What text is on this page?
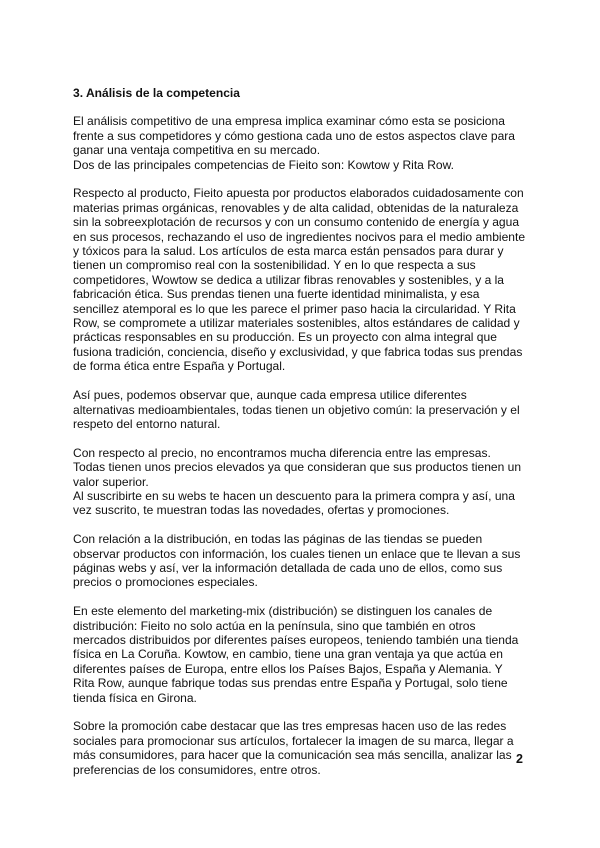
3. Análisis de la competencia

El análisis competitivo de una empresa implica examinar cómo esta se posiciona
frente a sus competidores y cómo gestiona cada uno de estos aspectos clave para
ganar una ventaja competitiva en su mercado.

Dos de las principales competencias de Fieito son: Kowtow y Rita Row.

Respecto al producto, Fieito apuesta por productos elaborados cuidadosamente con
materias primas orgánicas, renovables y de alta calidad, obtenidas de la naturaleza
sin la sobreexplotación de recursos y con un consumo contenido de energía y agua
en sus procesos, rechazando el uso de ingredientes nocivos para el medio ambiente
y tóxicos para la salud. Los artículos de esta marca están pensados para durar y
tienen un compromiso real con la sostenibilidad. Y en lo que respecta a sus
competidores, Wowtow se dedica a utilizar fibras renovables y sostenibles, y a la
fabricación ética. Sus prendas tienen una fuerte identidad minimalista, y esa
sencillez atemporal es lo que les parece el primer paso hacia la circularidad. Y Rita
Row, se compromete a utilizar materiales sostenibles, altos estándares de calidad y
prácticas responsables en su producción. Es un proyecto con alma integral que
fusiona tradición, conciencia, diseño y exclusividad, y que fabrica todas sus prendas
de forma ética entre España y Portugal.

Así pues, podemos observar que, aunque cada empresa utilice diferentes
alternativas medioambientales, todas tienen un objetivo común: la preservación y el
respeto del entorno natural.

Con respecto al precio, no encontramos mucha diferencia entre las empresas.
Todas tienen unos precios elevados ya que consideran que sus productos tienen un
valor superior.

Al suscribirte en su webs te hacen un descuento para la primera compra y así, una
vez suscrito, te muestran todas las novedades, ofertas y promociones.

Con relación a la distribución, en todas las páginas de las tiendas se pueden
observar productos con información, los cuales tienen un enlace que te llevan a sus
páginas webs y así, ver la información detallada de cada uno de ellos, como sus
precios o promociones especiales.

En este elemento del marketing-mix (distribución) se distinguen los canales de
distribución: Fieito no solo actúa en la península, sino que también en otros
mercados distribuidos por diferentes países europeos, teniendo también una tienda
física en La Coruña. Kowtow, en cambio, tiene una gran ventaja ya que actúa en
diferentes países de Europa, entre ellos los Países Bajos, España y Alemania. Y
Rita Row, aunque fabrique todas sus prendas entre España y Portugal, solo tiene
tienda física en Girona.

Sobre la promoción cabe destacar que las tres empresas hacen uso de las redes
sociales para promocionar sus artículos, fortalecer la imagen de su marca, llegar a
más consumidores, para hacer que la comunicación sea más sencilla, analizar las
preferencias de los consumidores, entre otros.

2
